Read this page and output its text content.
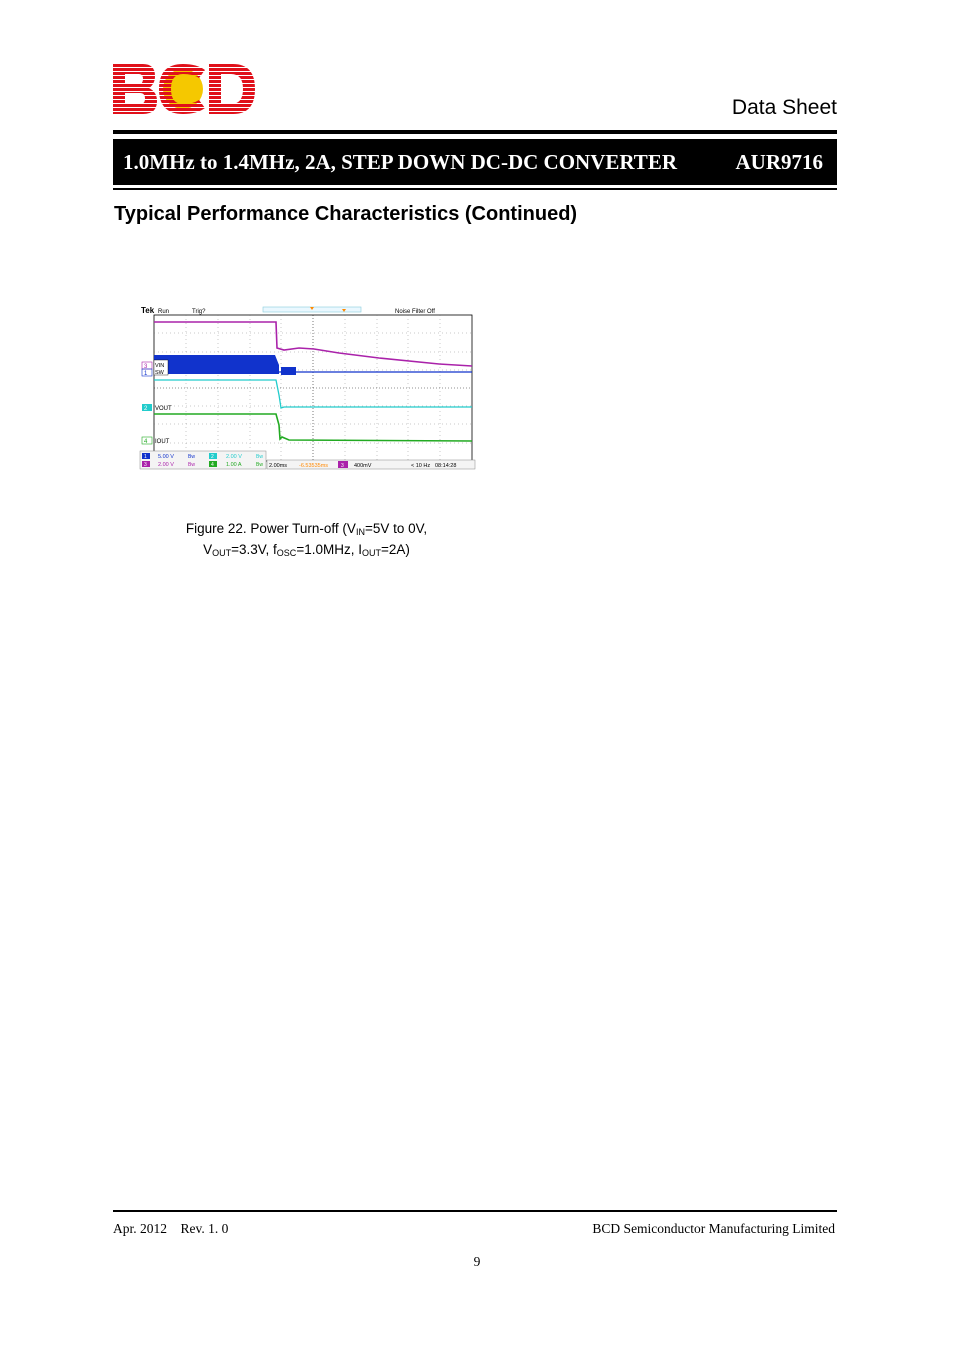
Data Sheet
1.0MHz to 1.4MHz, 2A, STEP DOWN DC-DC CONVERTER	AUR9716
Typical Performance Characteristics (Continued)
Tek Run	Trig?	Noise Filter Off
3
1
VIN
SW
2 VOUT
4 IOUT
1 5.00 V	Bw	2 2.00 V	Bw
3 2.00 V	Bw	4 1.00 A	Bw 2.00ms -6.53535ms	3 400mV	< 10 Hz 08:14:28
Figure 22. Power Turn-off ($V_{IN}=5V$ to 0V,
$V_{OUT}=3.3V$, $f_{OSC}=1.0MHz$, $I_{OUT}=2A$)
Apr. 2012 Rev. 1. 0	BCD Semiconductor Manufacturing Limited
9
